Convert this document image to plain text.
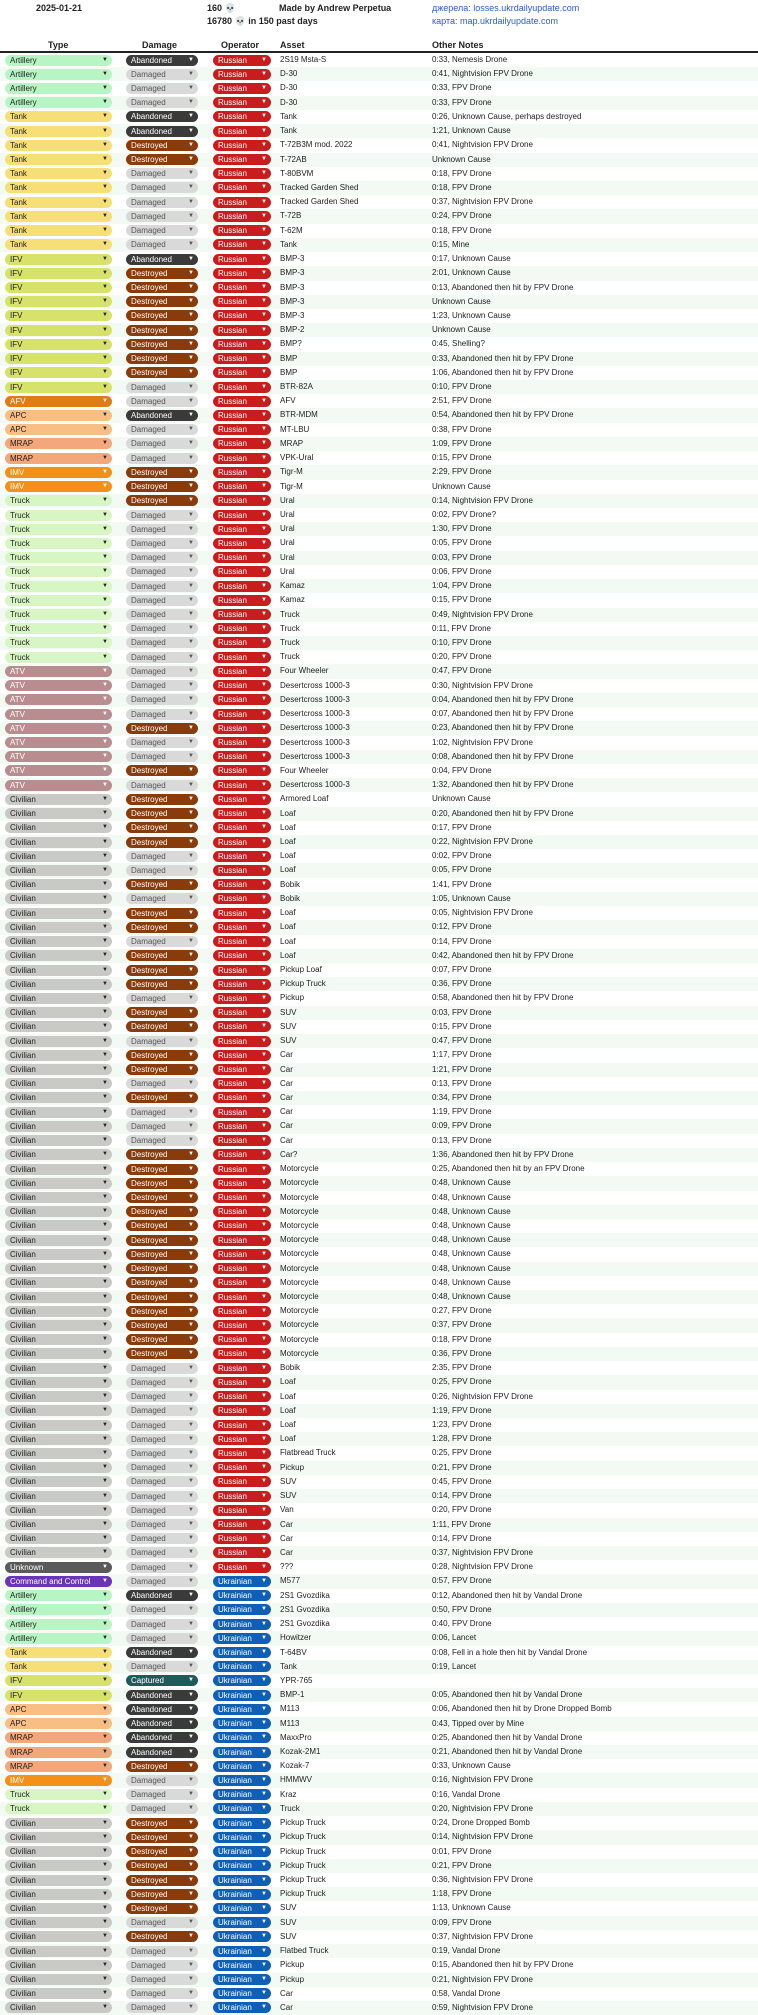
2025-01-21	160 💀
16780 💀 in 150 past days
Made by Andrew Perpetua	джерела: losses.ukrdailyupdate.com
карта: map.ukrdailyupdate.com
Type	Damage	Operator Asset	Other Notes
Artillery	▼	Abandoned	▼	Russian ▼ 2S19 Msta-S	0:33, Nemesis Drone
Artillery	▼	Damaged	▼	Russian ▼ D-30	0:41, Nightvision FPV Drone
Artillery	▼	Damaged	▼	Russian ▼ D-30	0:33, FPV Drone
Artillery	▼	Damaged	▼	Russian ▼ D-30	0:33, FPV Drone
Tank	▼	Abandoned	▼	Russian ▼ Tank	0:26, Unknown Cause, perhaps destroyed
Tank	▼	Abandoned	▼	Russian ▼ Tank	1:21, Unknown Cause
Tank	▼	Destroyed	▼	Russian ▼ T-72B3M mod. 2022	0:41, Nightvision FPV Drone
Tank	▼	Destroyed	▼	Russian ▼ T-72AB	Unknown Cause
Tank	▼	Damaged	▼	Russian ▼ T-80BVM	0:18, FPV Drone
Tank	▼	Damaged	▼	Russian ▼ Tracked Garden Shed	0:18, FPV Drone
Tank	▼	Damaged	▼	Russian ▼ Tracked Garden Shed	0:37, Nightvision FPV Drone
Tank	▼	Damaged	▼	Russian ▼ T-72B	0:24, FPV Drone
Tank	▼	Damaged	▼	Russian ▼ T-62M	0:18, FPV Drone
Tank	▼	Damaged	▼	Russian ▼ Tank	0:15, Mine
IFV	▼	Abandoned	▼	Russian ▼ BMP-3	0:17, Unknown Cause
IFV	▼	Destroyed	▼	Russian ▼ BMP-3	2:01, Unknown Cause
IFV	▼	Destroyed	▼	Russian ▼ BMP-3	0:13, Abandoned then hit by FPV Drone
IFV	▼	Destroyed	▼	Russian ▼ BMP-3	Unknown Cause
IFV	▼	Destroyed	▼	Russian ▼ BMP-3	1:23, Unknown Cause
IFV	▼	Destroyed	▼	Russian ▼ BMP-2	Unknown Cause
IFV	▼	Destroyed	▼	Russian ▼ BMP?	0:45, Shelling?
IFV	▼	Destroyed	▼	Russian ▼ BMP	0:33, Abandoned then hit by FPV Drone
IFV	▼	Destroyed	▼	Russian ▼ BMP	1:06, Abandoned then hit by FPV Drone
IFV	▼	Damaged	▼	Russian ▼ BTR-82A	0:10, FPV Drone
AFV	▼	Damaged	▼	Russian ▼ AFV	2:51, FPV Drone
APC	▼	Abandoned	▼	Russian ▼ BTR-MDM	0:54, Abandoned then hit by FPV Drone
APC	▼	Damaged	▼	Russian ▼ MT-LBU	0:38, FPV Drone
MRAP	▼	Damaged	▼	Russian ▼ MRAP	1:09, FPV Drone
MRAP	▼	Damaged	▼	Russian ▼ VPK-Ural	0:15, FPV Drone
IMV	▼	Destroyed	▼	Russian ▼ Tigr-M	2:29, FPV Drone
IMV	▼	Destroyed	▼	Russian ▼ Tigr-M	Unknown Cause
Truck	▼	Destroyed	▼	Russian ▼ Ural	0:14, Nightvision FPV Drone
Truck	▼	Damaged	▼	Russian ▼ Ural	0:02, FPV Drone?
Truck	▼	Damaged	▼	Russian ▼ Ural	1:30, FPV Drone
Truck	▼	Damaged	▼	Russian ▼ Ural	0:05, FPV Drone
Truck	▼	Damaged	▼	Russian ▼ Ural	0:03, FPV Drone
Truck	▼	Damaged	▼	Russian ▼ Ural	0:06, FPV Drone
Truck	▼	Damaged	▼	Russian ▼ Kamaz	1:04, FPV Drone
Truck	▼	Damaged	▼	Russian ▼ Kamaz	0:15, FPV Drone
Truck	▼	Damaged	▼	Russian ▼ Truck	0:49, Nightvision FPV Drone
Truck	▼	Damaged	▼	Russian ▼ Truck	0:11, FPV Drone
Truck	▼	Damaged	▼	Russian ▼ Truck	0:10, FPV Drone
Truck	▼	Damaged	▼	Russian ▼ Truck	0:20, FPV Drone
ATV	▼	Damaged	▼	Russian ▼ Four Wheeler	0:47, FPV Drone
ATV	▼	Damaged	▼	Russian ▼ Desertcross 1000-3	0:30, Nightvision FPV Drone
ATV	▼	Damaged	▼	Russian ▼ Desertcross 1000-3	0:04, Abandoned then hit by FPV Drone
ATV	▼	Damaged	▼	Russian ▼ Desertcross 1000-3	0:07, Abandoned then hit by FPV Drone
ATV	▼	Destroyed	▼	Russian ▼ Desertcross 1000-3	0:23, Abandoned then hit by FPV Drone
ATV	▼	Damaged	▼	Russian ▼ Desertcross 1000-3	1:02, Nightvision FPV Drone
ATV	▼	Damaged	▼	Russian ▼ Desertcross 1000-3	0:08, Abandoned then hit by FPV Drone
ATV	▼	Destroyed	▼	Russian ▼ Four Wheeler	0:04, FPV Drone
ATV	▼	Damaged	▼	Russian ▼ Desertcross 1000-3	1:32, Abandoned then hit by FPV Drone
Civilian	▼	Destroyed	▼	Russian ▼ Armored Loaf	Unknown Cause
Civilian	▼	Destroyed	▼	Russian ▼ Loaf	0:20, Abandoned then hit by FPV Drone
Civilian	▼	Destroyed	▼	Russian ▼ Loaf	0:17, FPV Drone
Civilian	▼	Destroyed	▼	Russian ▼ Loaf	0:22, Nightvision FPV Drone
Civilian	▼	Damaged	▼	Russian ▼ Loaf	0:02, FPV Drone
Civilian	▼	Damaged	▼	Russian ▼ Loaf	0:05, FPV Drone
Civilian	▼	Destroyed	▼	Russian ▼ Bobik	1:41, FPV Drone
Civilian	▼	Damaged	▼	Russian ▼ Bobik	1:05, Unknown Cause
Civilian	▼	Destroyed	▼	Russian ▼ Loaf	0:05, Nightvision FPV Drone
Civilian	▼	Destroyed	▼	Russian ▼ Loaf	0:12, FPV Drone
Civilian	▼	Damaged	▼	Russian ▼ Loaf	0:14, FPV Drone
Civilian	▼	Destroyed	▼	Russian ▼ Loaf	0:42, Abandoned then hit by FPV Drone
Civilian	▼	Destroyed	▼	Russian ▼ Pickup Loaf	0:07, FPV Drone
Civilian	▼	Destroyed	▼	Russian ▼ Pickup Truck	0:36, FPV Drone
Civilian	▼	Damaged	▼	Russian ▼ Pickup	0:58, Abandoned then hit by FPV Drone
Civilian	▼	Destroyed	▼	Russian ▼ SUV	0:03, FPV Drone
Civilian	▼	Destroyed	▼	Russian ▼ SUV	0:15, FPV Drone
Civilian	▼	Damaged	▼	Russian ▼ SUV	0:47, FPV Drone
Civilian	▼	Destroyed	▼	Russian ▼ Car	1:17, FPV Drone
Civilian	▼	Destroyed	▼	Russian ▼ Car	1:21, FPV Drone
Civilian	▼	Damaged	▼	Russian ▼ Car	0:13, FPV Drone
Civilian	▼	Destroyed	▼	Russian ▼ Car	0:34, FPV Drone
Civilian	▼	Damaged	▼	Russian ▼ Car	1:19, FPV Drone
Civilian	▼	Damaged	▼	Russian ▼ Car	0:09, FPV Drone
Civilian	▼	Damaged	▼	Russian ▼ Car	0:13, FPV Drone
Civilian	▼	Destroyed	▼	Russian ▼ Car?	1:36, Abandoned then hit by FPV Drone
Civilian	▼	Destroyed	▼	Russian ▼ Motorcycle	0:25, Abandoned then hit by an FPV Drone
Civilian	▼	Destroyed	▼	Russian ▼ Motorcycle	0:48, Unknown Cause
Civilian	▼	Destroyed	▼	Russian ▼ Motorcycle	0:48, Unknown Cause
Civilian	▼	Destroyed	▼	Russian ▼ Motorcycle	0:48, Unknown Cause
Civilian	▼	Destroyed	▼	Russian ▼ Motorcycle	0:48, Unknown Cause
Civilian	▼	Destroyed	▼	Russian ▼ Motorcycle	0:48, Unknown Cause
Civilian	▼	Destroyed	▼	Russian ▼ Motorcycle	0:48, Unknown Cause
Civilian	▼	Destroyed	▼	Russian ▼ Motorcycle	0:48, Unknown Cause
Civilian	▼	Destroyed	▼	Russian ▼ Motorcycle	0:48, Unknown Cause
Civilian	▼	Destroyed	▼	Russian ▼ Motorcycle	0:48, Unknown Cause
Civilian	▼	Destroyed	▼	Russian ▼ Motorcycle	0:27, FPV Drone
Civilian	▼	Destroyed	▼	Russian ▼ Motorcycle	0:37, FPV Drone
Civilian	▼	Destroyed	▼	Russian ▼ Motorcycle	0:18, FPV Drone
Civilian	▼	Destroyed	▼	Russian ▼ Motorcycle	0:36, FPV Drone
Civilian	▼	Damaged	▼	Russian ▼ Bobik	2:35, FPV Drone
Civilian	▼	Damaged	▼	Russian ▼ Loaf	0:25, FPV Drone
Civilian	▼	Damaged	▼	Russian ▼ Loaf	0:26, Nightvision FPV Drone
Civilian	▼	Damaged	▼	Russian ▼ Loaf	1:19, FPV Drone
Civilian	▼	Damaged	▼	Russian ▼ Loaf	1:23, FPV Drone
Civilian	▼	Damaged	▼	Russian ▼ Loaf	1:28, FPV Drone
Civilian	▼	Damaged	▼	Russian ▼ Flatbread Truck	0:25, FPV Drone
Civilian	▼	Damaged	▼	Russian ▼ Pickup	0:21, FPV Drone
Civilian	▼	Damaged	▼	Russian ▼ SUV	0:45, FPV Drone
Civilian	▼	Damaged	▼	Russian ▼ SUV	0:14, FPV Drone
Civilian	▼	Damaged	▼	Russian ▼ Van	0:20, FPV Drone
Civilian	▼	Damaged	▼	Russian ▼ Car	1:11, FPV Drone
Civilian	▼	Damaged	▼	Russian ▼ Car	0:14, FPV Drone
Civilian	▼	Damaged	▼	Russian ▼ Car	0:37, Nightvision FPV Drone
Unknown	▼	Damaged	▼	Russian ▼ ???	0:28, Nightvision FPV Drone
Command and Control ▼	Damaged	▼	Ukrainian ▼ M577	0:57, FPV Drone
Artillery	▼	Abandoned	▼	Ukrainian ▼ 2S1 Gvozdika	0:12, Abandoned then hit by Vandal Drone
Artillery	▼	Damaged	▼	Ukrainian ▼ 2S1 Gvozdika	0:50, FPV Drone
Artillery	▼	Damaged	▼	Ukrainian ▼ 2S1 Gvozdika	0:40, FPV Drone
Artillery	▼	Damaged	▼	Ukrainian ▼ Howitzer	0:06, Lancet
Tank	▼	Abandoned	▼	Ukrainian ▼ T-64BV	0:08, Fell in a hole then hit by Vandal Drone
Tank	▼	Damaged	▼	Ukrainian ▼ Tank	0:19, Lancet
IFV	▼	Captured	▼	Ukrainian ▼ YPR-765
IFV	▼	Abandoned	▼	Ukrainian ▼ BMP-1	0:05, Abandoned then hit by Vandal Drone
APC	▼	Abandoned	▼	Ukrainian ▼ M113	0:06, Abandoned then hit by Drone Dropped Bomb
APC	▼	Abandoned	▼	Ukrainian ▼ M113	0:43, Tipped over by Mine
MRAP	▼	Abandoned	▼	Ukrainian ▼ MaxxPro	0:25, Abandoned then hit by Vandal Drone
MRAP	▼	Abandoned	▼	Ukrainian ▼ Kozak-2M1	0:21, Abandoned then hit by Vandal Drone
MRAP	▼	Destroyed	▼	Ukrainian ▼ Kozak-7	0:33, Unknown Cause
IMV	▼	Damaged	▼	Ukrainian ▼ HMMWV	0:16, Nightvision FPV Drone
Truck	▼	Damaged	▼	Ukrainian ▼ Kraz	0:16, Vandal Drone
Truck	▼	Damaged	▼	Ukrainian ▼ Truck	0:20, Nightvision FPV Drone
Civilian	▼	Destroyed	▼	Ukrainian ▼ Pickup Truck	0:24, Drone Dropped Bomb
Civilian	▼	Destroyed	▼	Ukrainian ▼ Pickup Truck	0:14, Nightvision FPV Drone
Civilian	▼	Destroyed	▼	Ukrainian ▼ Pickup Truck	0:01, FPV Drone
Civilian	▼	Destroyed	▼	Ukrainian ▼ Pickup Truck	0:21, FPV Drone
Civilian	▼	Destroyed	▼	Ukrainian ▼ Pickup Truck	0:36, Nightvision FPV Drone
Civilian	▼	Destroyed	▼	Ukrainian ▼ Pickup Truck	1:18, FPV Drone
Civilian	▼	Destroyed	▼	Ukrainian ▼ SUV	1:13, Unknown Cause
Civilian	▼	Damaged	▼	Ukrainian ▼ SUV	0:09, FPV Drone
Civilian	▼	Destroyed	▼	Ukrainian ▼ SUV	0:37, Nightvision FPV Drone
Civilian	▼	Damaged	▼	Ukrainian ▼ Flatbed Truck	0:19, Vandal Drone
Civilian	▼	Damaged	▼	Ukrainian ▼ Pickup	0:15, Abandoned then hit by FPV Drone
Civilian	▼	Damaged	▼	Ukrainian ▼ Pickup	0:21, Nightvision FPV Drone
Civilian	▼	Damaged	▼	Ukrainian ▼ Car	0:58, Vandal Drone
Civilian	▼	Damaged	▼	Ukrainian ▼ Car	0:59, Nightvision FPV Drone
